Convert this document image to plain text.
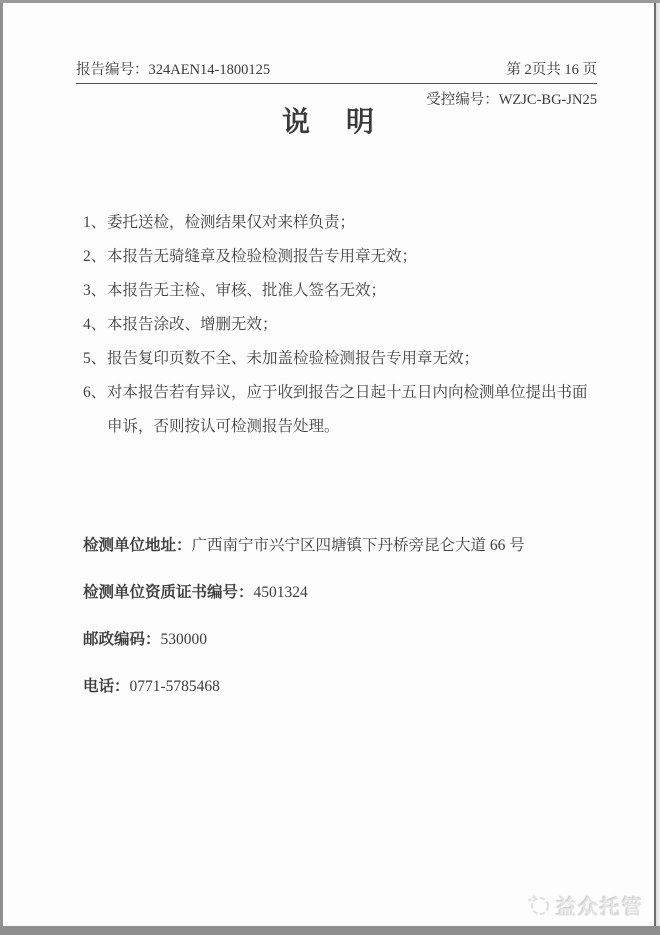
报告编号：324AEN14-1800125	第 2页共 16 页
受控编号：WZJC-BG-JN25
说　明
1、 委托送检，检测结果仅对来样负责；
2、 本报告无骑缝章及检验检测报告专用章无效；
3、 本报告无主检、审核、批准人签名无效；
4、 本报告涂改、增删无效；
5、 报告复印页数不全、未加盖检验检测报告专用章无效；
6、 对本报告若有异议，应于收到报告之日起十五日内向检测单位提出书面申诉，否则按认可检测报告处理。
检测单位地址：广西南宁市兴宁区四塘镇下丹桥旁昆仑大道 66 号
检测单位资质证书编号：4501324
邮政编码：530000
电话：0771-5785468
益众托管
